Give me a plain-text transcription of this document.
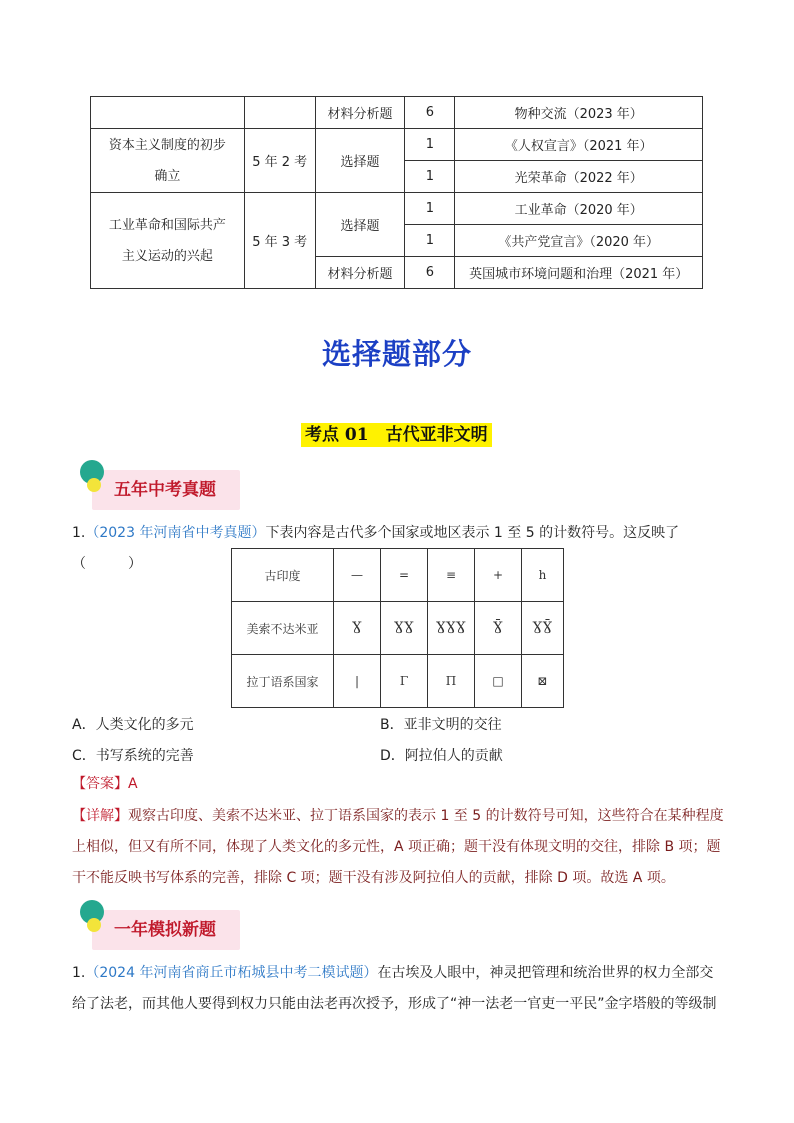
		材料分析题	6	物种交流（2023 年）
资本主义制度的初步确立	5 年 2 考	选择题	1	《人权宣言》（2021 年）
			1	光荣革命（2022 年）
工业革命和国际共产主义运动的兴起	5 年 3 考	选择题	1	工业革命（2020 年）
			1	《共产党宣言》（2020 年）
		材料分析题	6	英国城市环境问题和治理（2021 年）
选择题部分
考点 01　古代亚非文明
五年中考真题
1.（2023 年河南省中考真题）下表内容是古代多个国家或地区表示 1 至 5 的计数符号。这反映了（　　　）
古印度	—	=	≡	+	h
美索不达米亚	Ɣ	ƔƔ	ƔƔƔ	Ɣ̄	ƔƔ̄
拉丁语系国家	|	Γ	Π	□	⊠
A．人类文化的多元	B．亚非文明的交往
C．书写系统的完善	D．阿拉伯人的贡献
【答案】A
【详解】观察古印度、美索不达米亚、拉丁语系国家的表示 1 至 5 的计数符号可知，这些符合在某种程度上相似，但又有所不同，体现了人类文化的多元性，A 项正确；题干没有体现文明的交往，排除 B 项；题干不能反映书写体系的完善，排除 C 项；题干没有涉及阿拉伯人的贡献，排除 D 项。故选 A 项。
一年模拟新题
1.（2024 年河南省商丘市柘城县中考二模试题）在古埃及人眼中，神灵把管理和统治世界的权力全部交给了法老，而其他人要得到权力只能由法老再次授予，形成了“神一法老一官吏一平民”金字塔般的等级制
